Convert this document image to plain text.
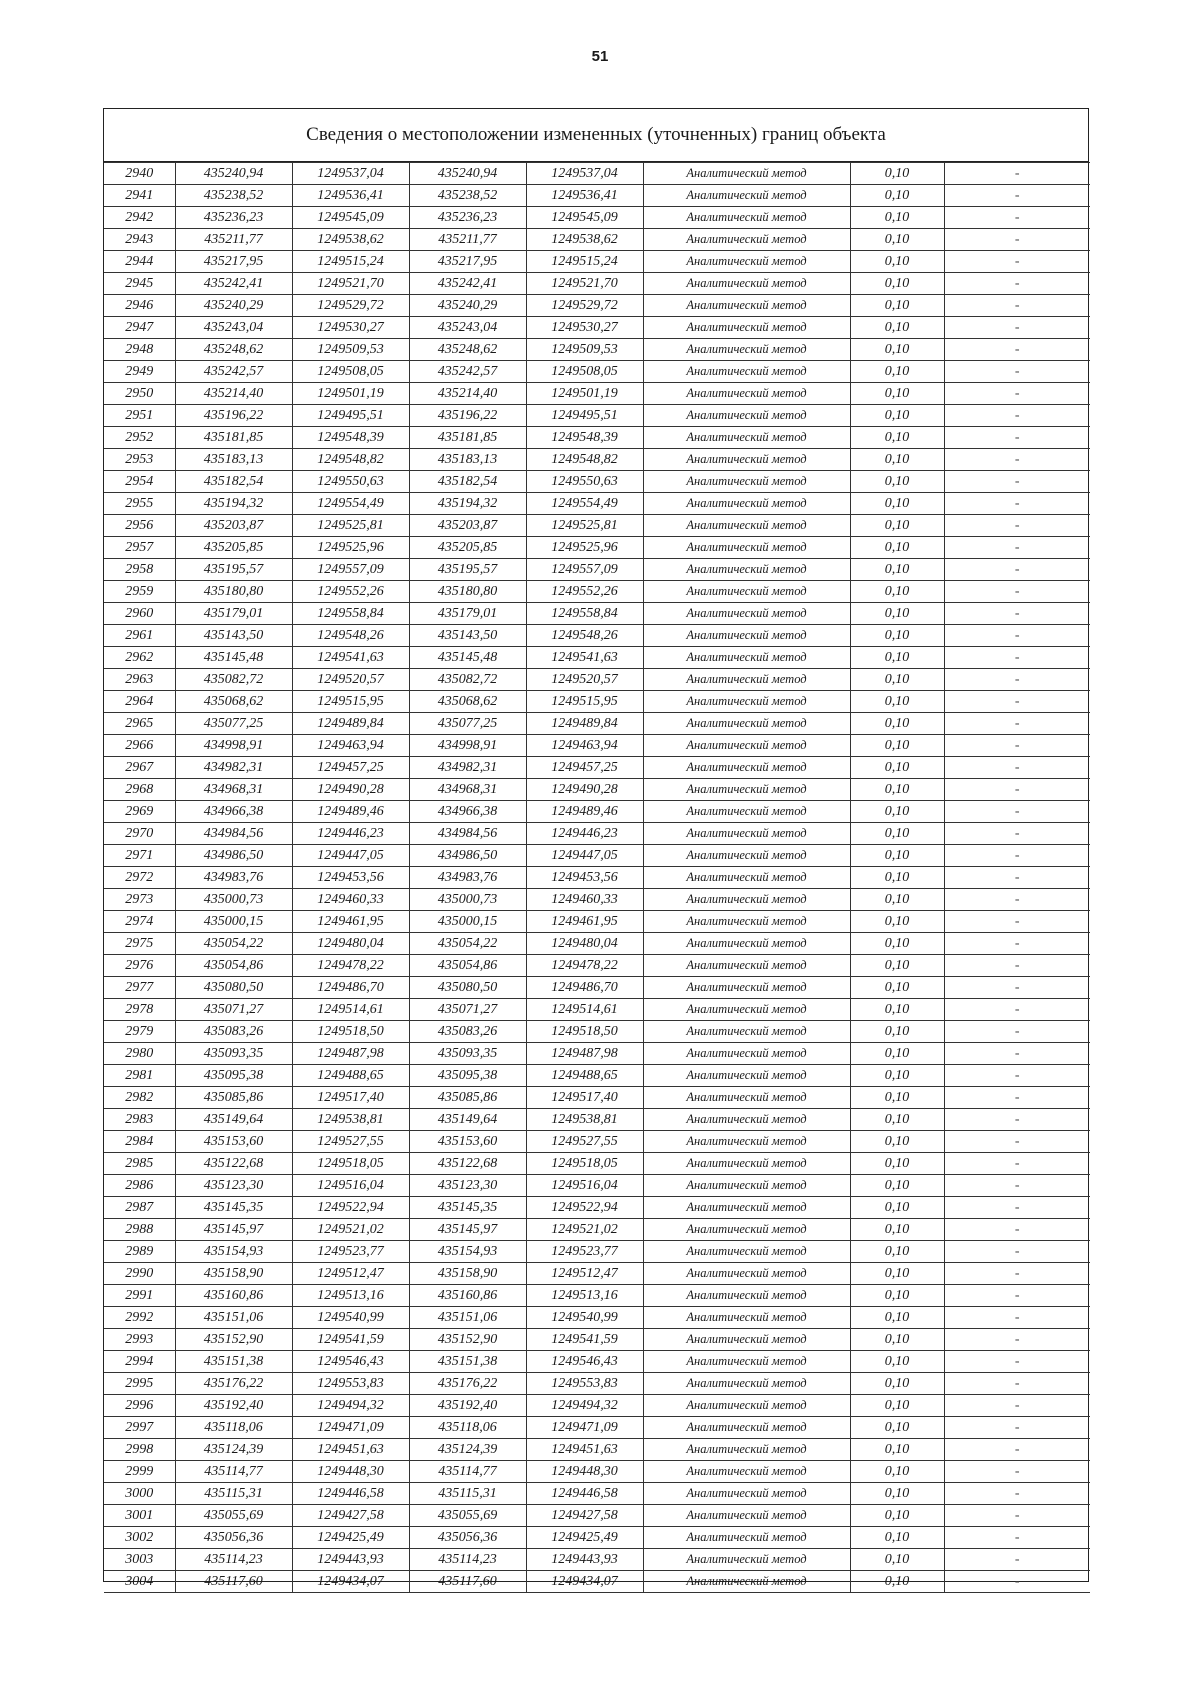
51
Сведения о местоположении измененных (уточненных) границ объекта
2940	435240,94	1249537,04	435240,94	1249537,04	Аналитический метод	0,10	-
2941	435238,52	1249536,41	435238,52	1249536,41	Аналитический метод	0,10	-
2942	435236,23	1249545,09	435236,23	1249545,09	Аналитический метод	0,10	-
2943	435211,77	1249538,62	435211,77	1249538,62	Аналитический метод	0,10	-
2944	435217,95	1249515,24	435217,95	1249515,24	Аналитический метод	0,10	-
2945	435242,41	1249521,70	435242,41	1249521,70	Аналитический метод	0,10	-
2946	435240,29	1249529,72	435240,29	1249529,72	Аналитический метод	0,10	-
2947	435243,04	1249530,27	435243,04	1249530,27	Аналитический метод	0,10	-
2948	435248,62	1249509,53	435248,62	1249509,53	Аналитический метод	0,10	-
2949	435242,57	1249508,05	435242,57	1249508,05	Аналитический метод	0,10	-
2950	435214,40	1249501,19	435214,40	1249501,19	Аналитический метод	0,10	-
2951	435196,22	1249495,51	435196,22	1249495,51	Аналитический метод	0,10	-
2952	435181,85	1249548,39	435181,85	1249548,39	Аналитический метод	0,10	-
2953	435183,13	1249548,82	435183,13	1249548,82	Аналитический метод	0,10	-
2954	435182,54	1249550,63	435182,54	1249550,63	Аналитический метод	0,10	-
2955	435194,32	1249554,49	435194,32	1249554,49	Аналитический метод	0,10	-
2956	435203,87	1249525,81	435203,87	1249525,81	Аналитический метод	0,10	-
2957	435205,85	1249525,96	435205,85	1249525,96	Аналитический метод	0,10	-
2958	435195,57	1249557,09	435195,57	1249557,09	Аналитический метод	0,10	-
2959	435180,80	1249552,26	435180,80	1249552,26	Аналитический метод	0,10	-
2960	435179,01	1249558,84	435179,01	1249558,84	Аналитический метод	0,10	-
2961	435143,50	1249548,26	435143,50	1249548,26	Аналитический метод	0,10	-
2962	435145,48	1249541,63	435145,48	1249541,63	Аналитический метод	0,10	-
2963	435082,72	1249520,57	435082,72	1249520,57	Аналитический метод	0,10	-
2964	435068,62	1249515,95	435068,62	1249515,95	Аналитический метод	0,10	-
2965	435077,25	1249489,84	435077,25	1249489,84	Аналитический метод	0,10	-
2966	434998,91	1249463,94	434998,91	1249463,94	Аналитический метод	0,10	-
2967	434982,31	1249457,25	434982,31	1249457,25	Аналитический метод	0,10	-
2968	434968,31	1249490,28	434968,31	1249490,28	Аналитический метод	0,10	-
2969	434966,38	1249489,46	434966,38	1249489,46	Аналитический метод	0,10	-
2970	434984,56	1249446,23	434984,56	1249446,23	Аналитический метод	0,10	-
2971	434986,50	1249447,05	434986,50	1249447,05	Аналитический метод	0,10	-
2972	434983,76	1249453,56	434983,76	1249453,56	Аналитический метод	0,10	-
2973	435000,73	1249460,33	435000,73	1249460,33	Аналитический метод	0,10	-
2974	435000,15	1249461,95	435000,15	1249461,95	Аналитический метод	0,10	-
2975	435054,22	1249480,04	435054,22	1249480,04	Аналитический метод	0,10	-
2976	435054,86	1249478,22	435054,86	1249478,22	Аналитический метод	0,10	-
2977	435080,50	1249486,70	435080,50	1249486,70	Аналитический метод	0,10	-
2978	435071,27	1249514,61	435071,27	1249514,61	Аналитический метод	0,10	-
2979	435083,26	1249518,50	435083,26	1249518,50	Аналитический метод	0,10	-
2980	435093,35	1249487,98	435093,35	1249487,98	Аналитический метод	0,10	-
2981	435095,38	1249488,65	435095,38	1249488,65	Аналитический метод	0,10	-
2982	435085,86	1249517,40	435085,86	1249517,40	Аналитический метод	0,10	-
2983	435149,64	1249538,81	435149,64	1249538,81	Аналитический метод	0,10	-
2984	435153,60	1249527,55	435153,60	1249527,55	Аналитический метод	0,10	-
2985	435122,68	1249518,05	435122,68	1249518,05	Аналитический метод	0,10	-
2986	435123,30	1249516,04	435123,30	1249516,04	Аналитический метод	0,10	-
2987	435145,35	1249522,94	435145,35	1249522,94	Аналитический метод	0,10	-
2988	435145,97	1249521,02	435145,97	1249521,02	Аналитический метод	0,10	-
2989	435154,93	1249523,77	435154,93	1249523,77	Аналитический метод	0,10	-
2990	435158,90	1249512,47	435158,90	1249512,47	Аналитический метод	0,10	-
2991	435160,86	1249513,16	435160,86	1249513,16	Аналитический метод	0,10	-
2992	435151,06	1249540,99	435151,06	1249540,99	Аналитический метод	0,10	-
2993	435152,90	1249541,59	435152,90	1249541,59	Аналитический метод	0,10	-
2994	435151,38	1249546,43	435151,38	1249546,43	Аналитический метод	0,10	-
2995	435176,22	1249553,83	435176,22	1249553,83	Аналитический метод	0,10	-
2996	435192,40	1249494,32	435192,40	1249494,32	Аналитический метод	0,10	-
2997	435118,06	1249471,09	435118,06	1249471,09	Аналитический метод	0,10	-
2998	435124,39	1249451,63	435124,39	1249451,63	Аналитический метод	0,10	-
2999	435114,77	1249448,30	435114,77	1249448,30	Аналитический метод	0,10	-
3000	435115,31	1249446,58	435115,31	1249446,58	Аналитический метод	0,10	-
3001	435055,69	1249427,58	435055,69	1249427,58	Аналитический метод	0,10	-
3002	435056,36	1249425,49	435056,36	1249425,49	Аналитический метод	0,10	-
3003	435114,23	1249443,93	435114,23	1249443,93	Аналитический метод	0,10	-
3004	435117,60	1249434,07	435117,60	1249434,07	Аналитический метод	0,10	-
